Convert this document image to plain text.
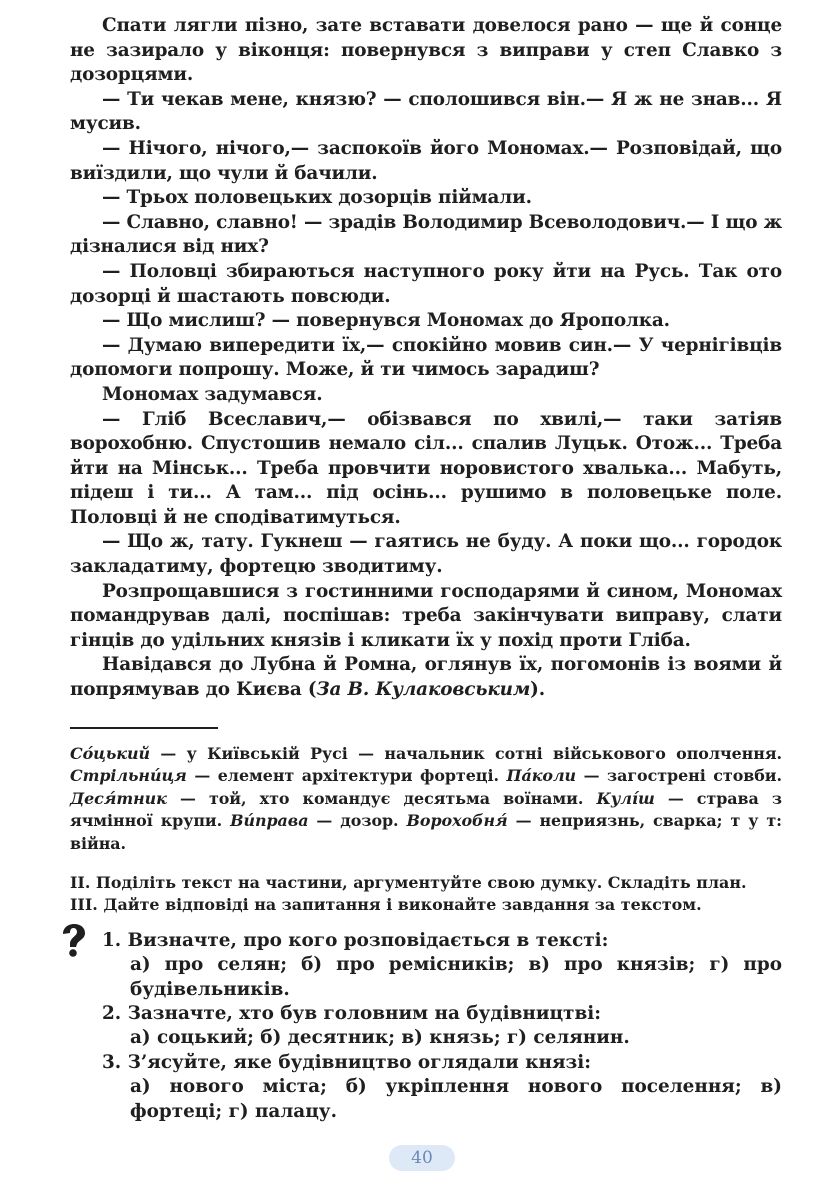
Спати лягли пізно, зате вставати довелося рано — ще й сонце не зазирало у віконця: повернувся з виправи у степ Славко з дозорцями.

— Ти чекав мене, князю? — сполошився він.— Я ж не знав... Я мусив.

— Нічого, нічого,— заспокоїв його Мономах.— Розповідай, що виїздили, що чули й бачили.

— Трьох половецьких дозорців піймали.

— Славно, славно! — зрадів Володимир Всеволодович.— І що ж дізналися від них?

— Половці збираються наступного року йти на Русь. Так ото дозорці й шастають повсюди.

— Що мислиш? — повернувся Мономах до Ярополка.

— Думаю випередити їх,— спокійно мовив син.— У чернігівців допомоги попрошу. Може, й ти чимось зарадиш?

Мономах задумався.

— Гліб Всеславич,— обізвався по хвилі,— таки затіяв ворохобню. Спустошив немало сіл... спалив Луцьк. Отож... Треба йти на Мінськ... Треба провчити норовистого хвалька... Мабуть, підеш і ти... А там... під осінь... рушимо в половецьке поле. Половці й не сподіватимуться.

— Що ж, тату. Гукнеш — гаятись не буду. А поки що... городок закладатиму, фортецю зводитиму.

Розпрощавшися з гостинними господарями й сином, Мономах помандрував далі, поспішав: треба закінчувати виправу, слати гінців до удільних князів і кликати їх у похід проти Гліба.

Навідався до Лубна й Ромна, оглянув їх, погомонів із воями й попрямував до Києва (За В. Кулаковським).

Со́цький — у Київській Русі — начальник сотні військового ополчення. Стрільни́ця — елемент архітектури фортеці. Па́коли — загострені стовби. Деся́тник — той, хто командує десятьма воїнами. Кулі́ш — страва з ячмінної крупи. Ви́права — дозор. Ворохобня́ — неприязнь, сварка; т у т: війна.

II. Поділіть текст на частини, аргументуйте свою думку. Складіть план.

III. Дайте відповіді на запитання і виконайте завдання за текстом.

1. Визначте, про кого розповідається в тексті:

а) про селян; б) про ремісників; в) про князів; г) про будівельників.

2. Зазначте, хто був головним на будівництві:

а) соцький; б) десятник; в) князь; г) селянин.

3. З’ясуйте, яке будівництво оглядали князі:

а) нового міста; б) укріплення нового поселення; в) фортеці; г) палацу.

40
